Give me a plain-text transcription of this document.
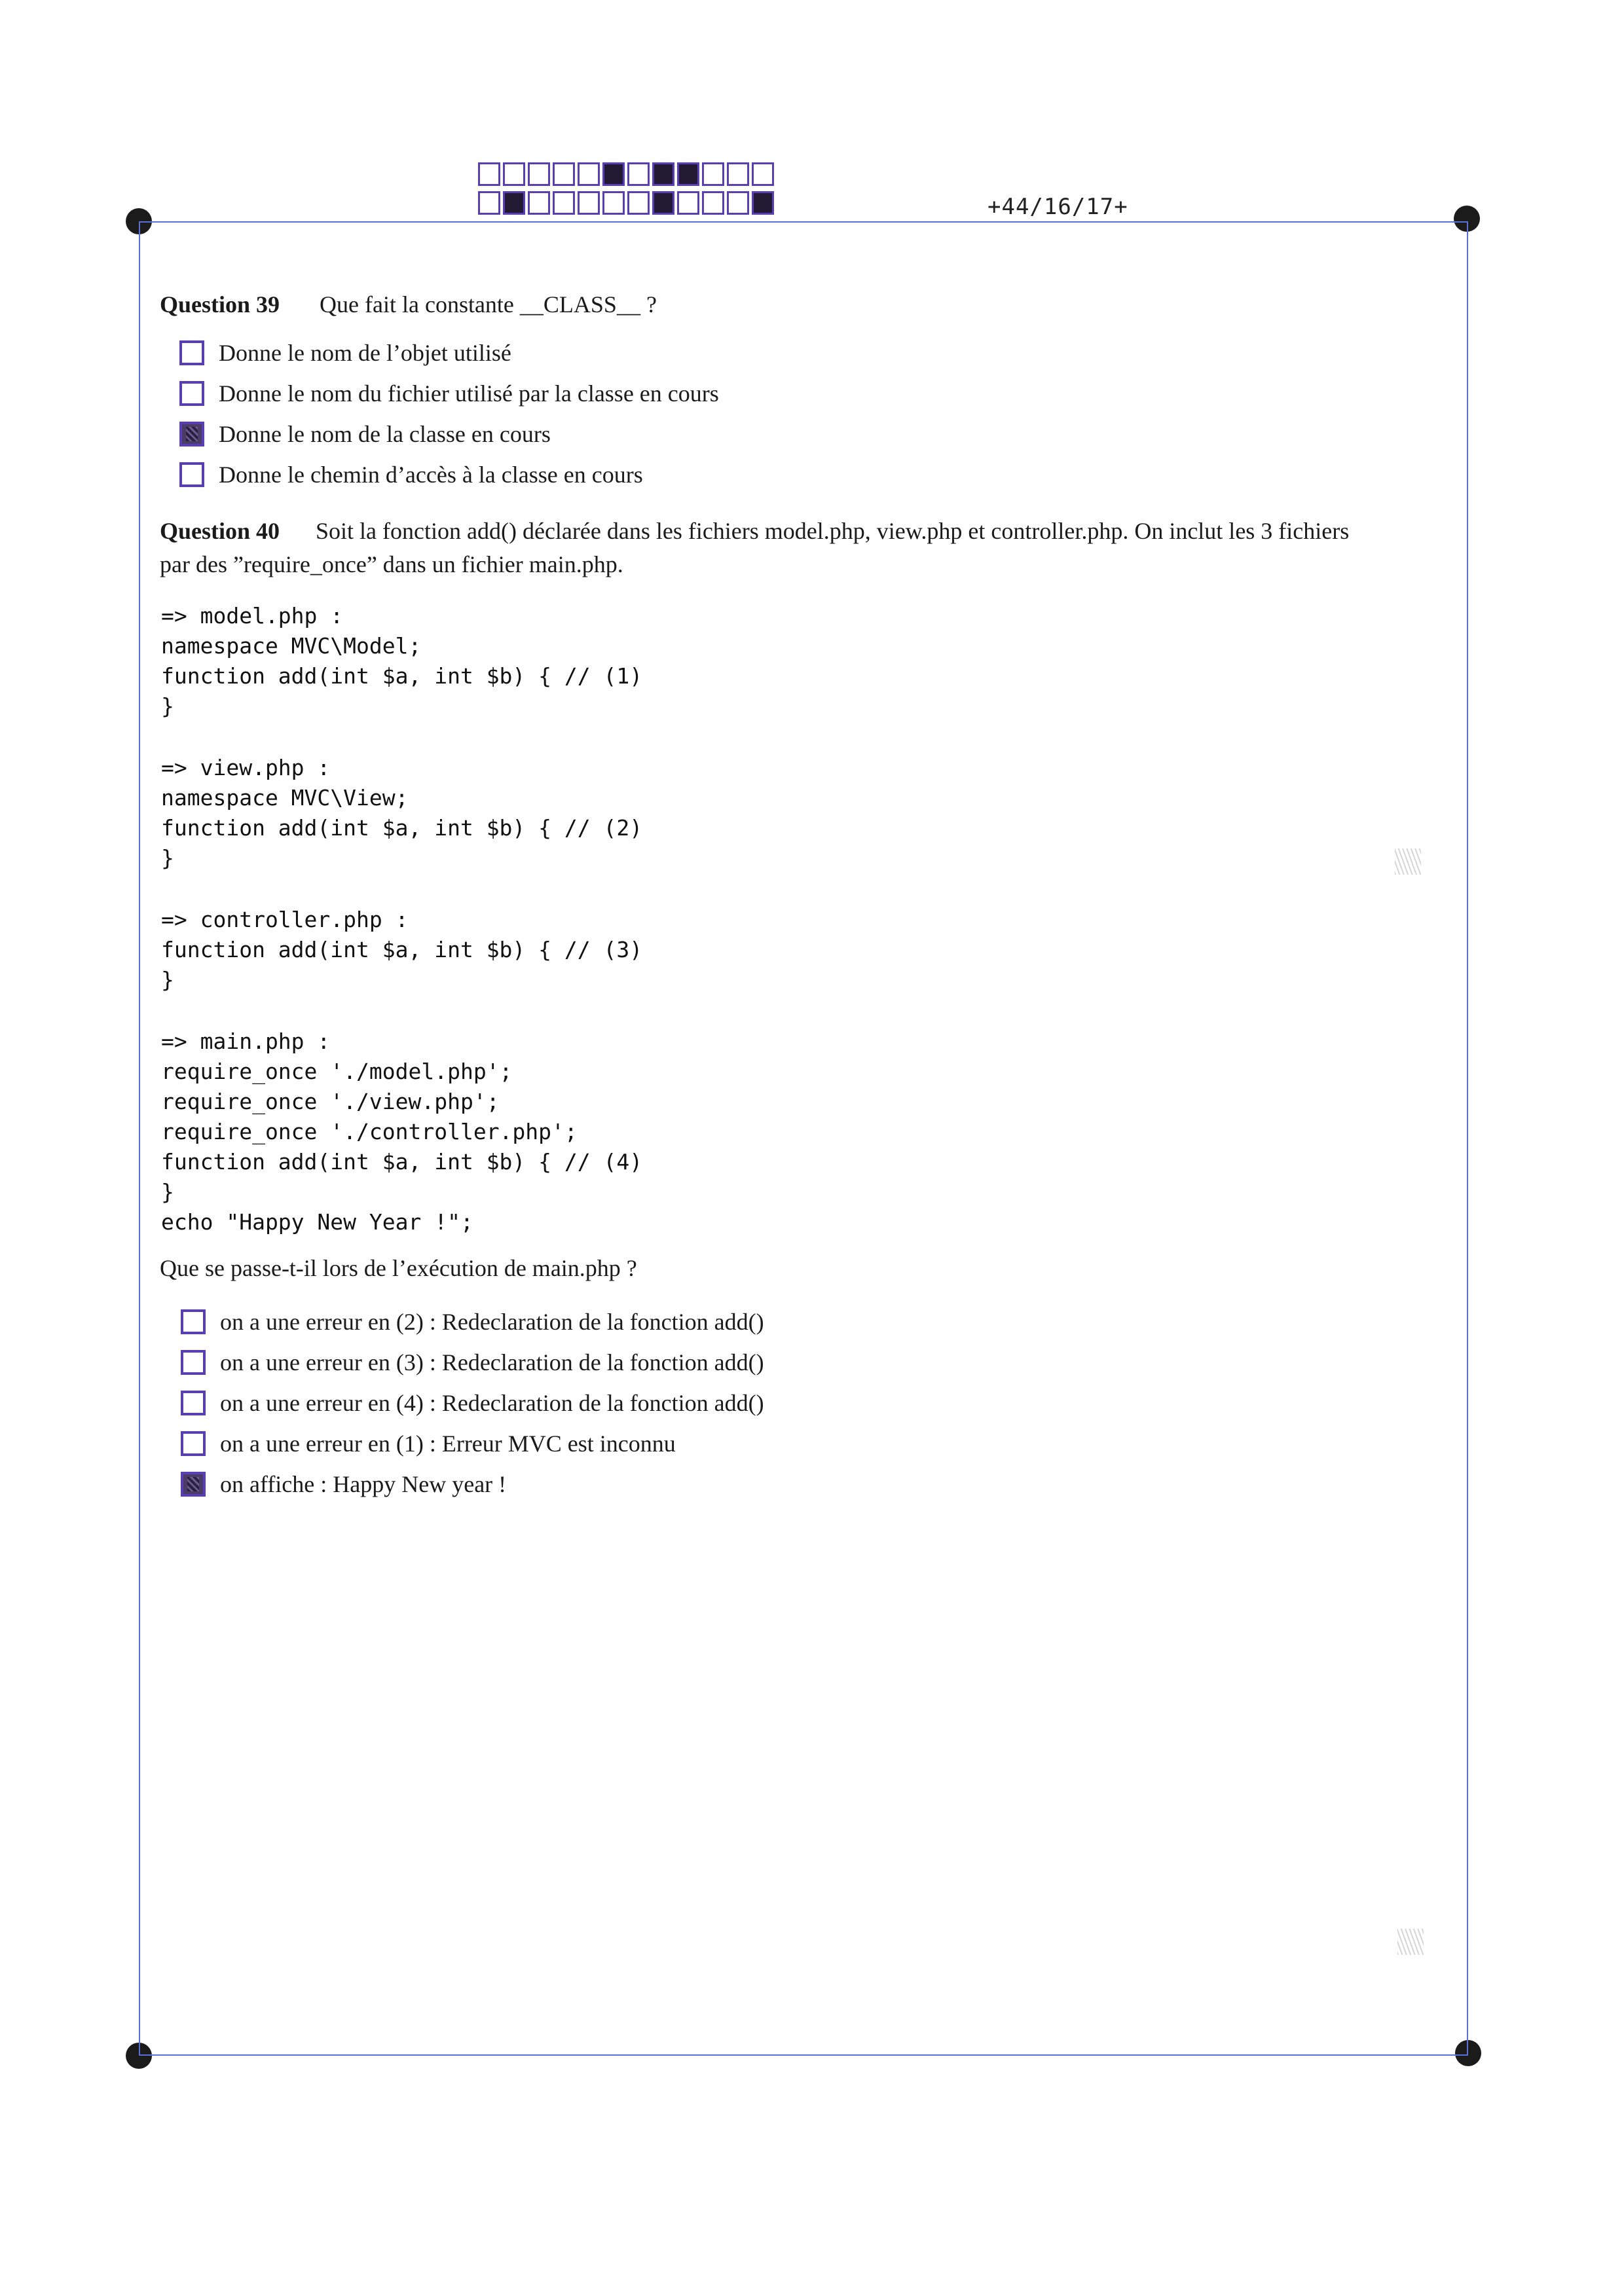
+44/16/17+
Question 39 Que fait la constante __CLASS__ ?
Donne le nom de l’objet utilisé
Donne le nom du fichier utilisé par la classe en cours
Donne le nom de la classe en cours
Donne le chemin d’accès à la classe en cours
Question 40 Soit la fonction add() déclarée dans les fichiers model.php, view.php et controller.php. On inclut les 3 fichiers
par des ”require_once” dans un fichier main.php.
=> model.php :
namespace MVC\Model;
function add(int $a, int $b) { // (1)
}
=> view.php :
namespace MVC\View;
function add(int $a, int $b) { // (2)
}
=> controller.php :
function add(int $a, int $b) { // (3)
}
=> main.php :
require_once './model.php';
require_once './view.php';
require_once './controller.php';
function add(int $a, int $b) { // (4)
}
echo "Happy New Year !";
Que se passe-t-il lors de l’exécution de main.php ?
on a une erreur en (2) : Redeclaration de la fonction add()
on a une erreur en (3) : Redeclaration de la fonction add()
on a une erreur en (4) : Redeclaration de la fonction add()
on a une erreur en (1) : Erreur MVC est inconnu
on affiche : Happy New year !
